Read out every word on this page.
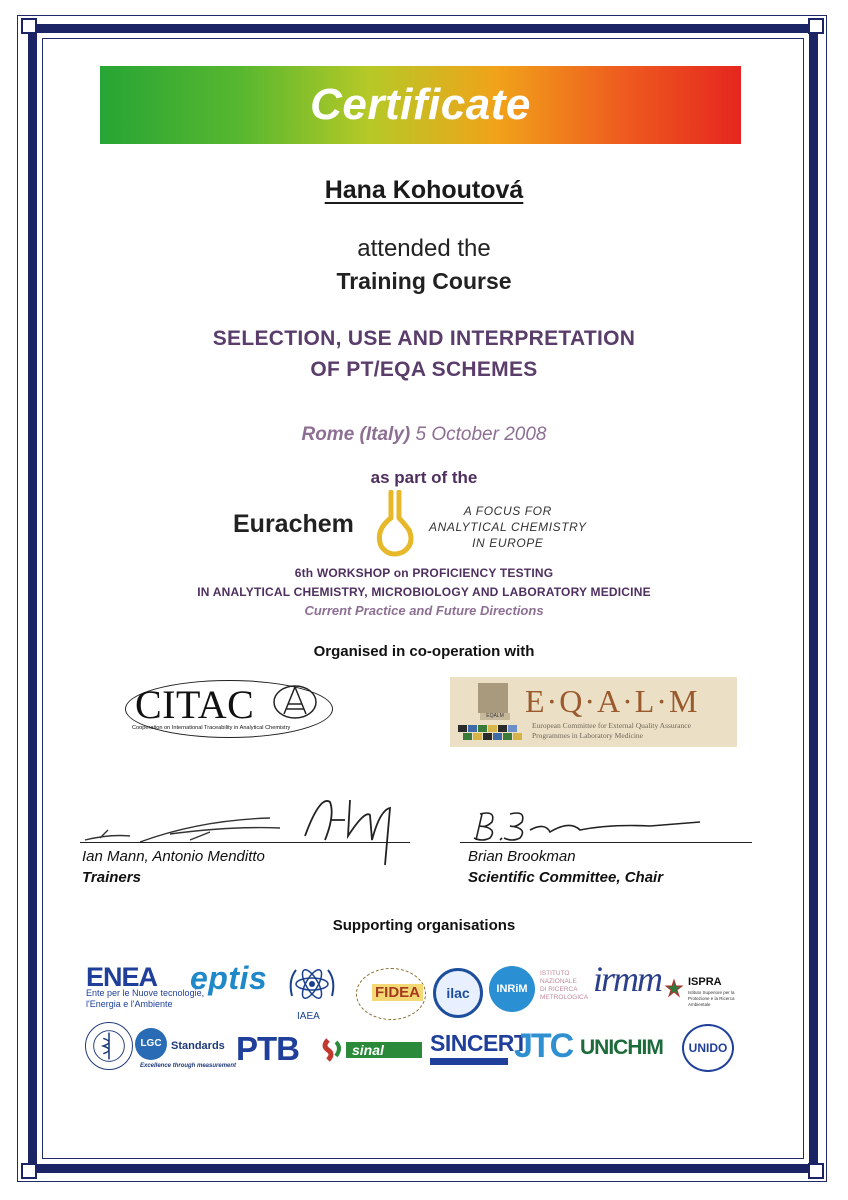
Certificate
Hana Kohoutová
attended the
Training Course
SELECTION, USE AND INTERPRETATION
OF PT/EQA SCHEMES
Rome (Italy) 5 October 2008
as part of the
Eurachem	A FOCUS FOR
ANALYTICAL CHEMISTRY
IN EUROPE
6th WORKSHOP on PROFICIENCY TESTING
IN ANALYTICAL CHEMISTRY, MICROBIOLOGY AND LABORATORY MEDICINE
Current Practice and Future Directions
Organised in co-operation with
CITAC
Cooperation on International Traceability in Analytical Chemistry
EQALM E·Q·A·L·M
European Committee for External Quality Assurance
Programmes in Laboratory Medicine
Ian Mann, Antonio Menditto
Trainers
Brian Brookman
Scientific Committee, Chair
Supporting organisations
ENEA
Ente per le Nuove tecnologie,
l'Energia e l'Ambiente
eptis
IAEA
FIDEA	ilac	INRiM
ISTITUTO
NAZIONALE
DI RICERCA
METROLOGICA irmm ISPRA
Istituto Superiore per la Protezione e la Ricerca Ambientale
LGC Standards
Excellence through measurement PTB	sinal SINCERT
JTC UNICHIM	UNIDO
